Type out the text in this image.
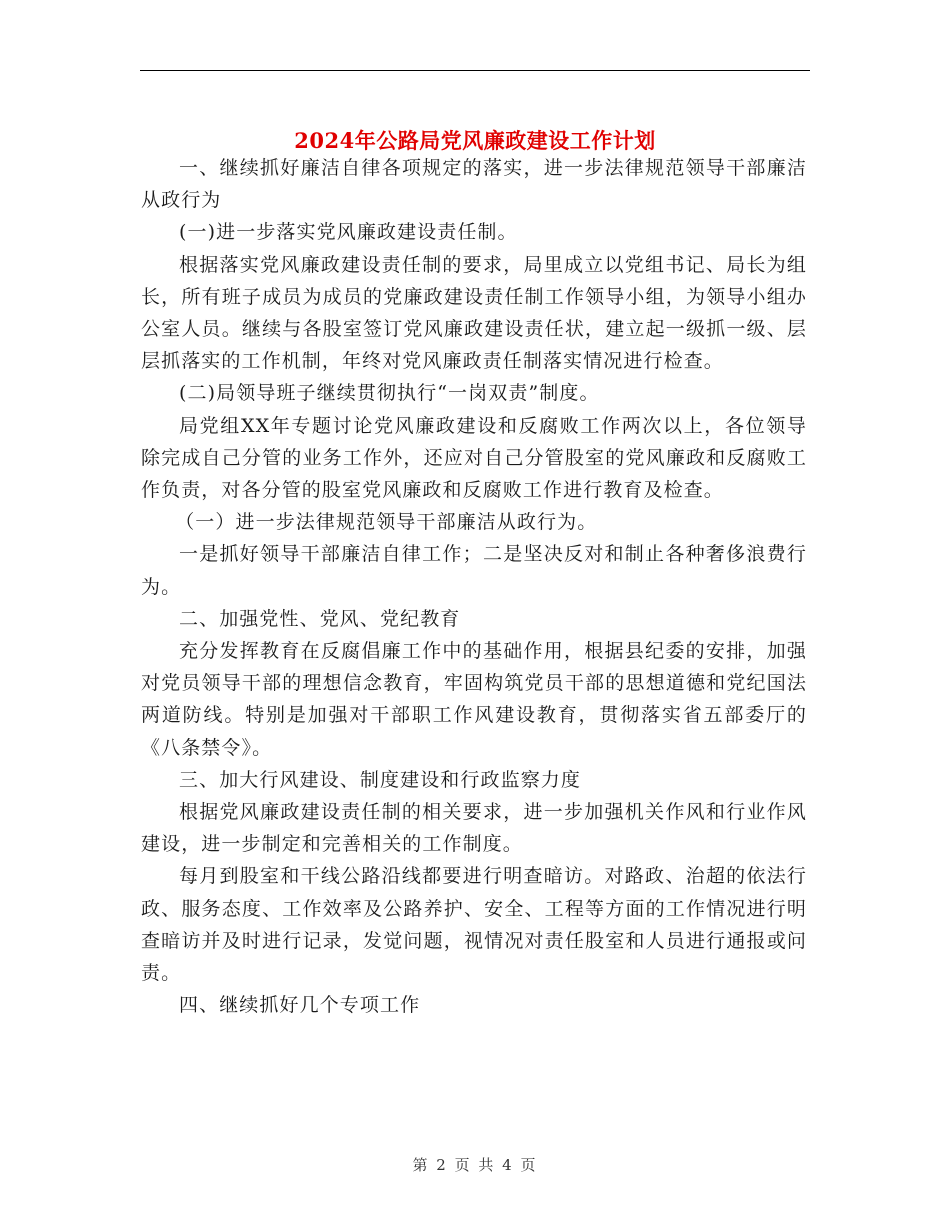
2024年公路局党风廉政建设工作计划

一、继续抓好廉洁自律各项规定的落实，进一步法律规范领导干部廉洁从政行为

(一)进一步落实党风廉政建设责任制。

根据落实党风廉政建设责任制的要求，局里成立以党组书记、局长为组长，所有班子成员为成员的党廉政建设责任制工作领导小组，为领导小组办公室人员。继续与各股室签订党风廉政建设责任状，建立起一级抓一级、层层抓落实的工作机制，年终对党风廉政责任制落实情况进行检查。

(二)局领导班子继续贯彻执行“一岗双责”制度。

局党组XX年专题讨论党风廉政建设和反腐败工作两次以上，各位领导除完成自己分管的业务工作外，还应对自己分管股室的党风廉政和反腐败工作负责，对各分管的股室党风廉政和反腐败工作进行教育及检查。

（一）进一步法律规范领导干部廉洁从政行为。

一是抓好领导干部廉洁自律工作；二是坚决反对和制止各种奢侈浪费行为。

二、加强党性、党风、党纪教育

充分发挥教育在反腐倡廉工作中的基础作用，根据县纪委的安排，加强对党员领导干部的理想信念教育，牢固构筑党员干部的思想道德和党纪国法两道防线。特别是加强对干部职工作风建设教育，贯彻落实省五部委厅的《八条禁令》。

三、加大行风建设、制度建设和行政监察力度

根据党风廉政建设责任制的相关要求，进一步加强机关作风和行业作风建设，进一步制定和完善相关的工作制度。

每月到股室和干线公路沿线都要进行明查暗访。对路政、治超的依法行政、服务态度、工作效率及公路养护、安全、工程等方面的工作情况进行明查暗访并及时进行记录，发觉问题，视情况对责任股室和人员进行通报或问责。

四、继续抓好几个专项工作

第 2 页 共 4 页
